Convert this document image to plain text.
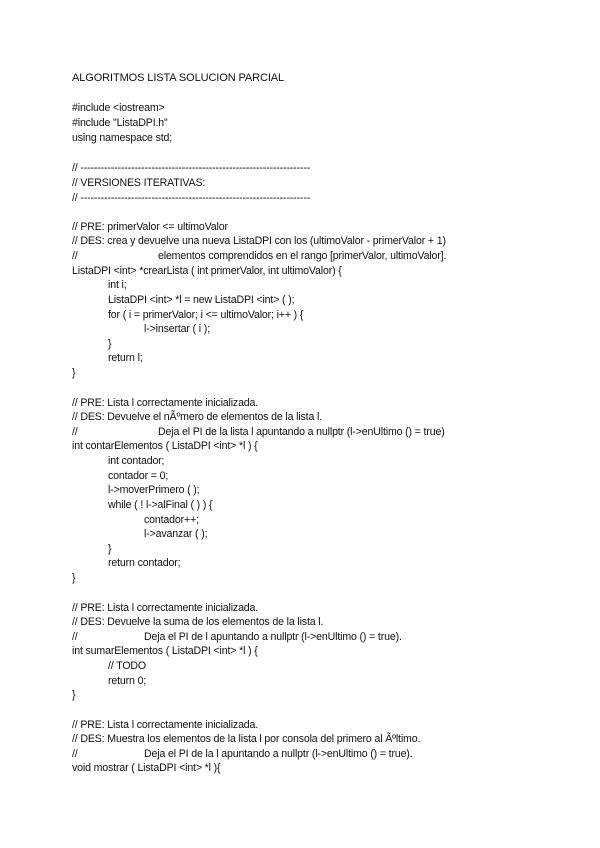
ALGORITMOS LISTA SOLUCION PARCIAL
#include <iostream>
#include "ListaDPI.h"
using namespace std;
// --------------------------------------------------------------------
// VERSIONES ITERATIVAS:
// --------------------------------------------------------------------
// PRE: primerValor <= ultimoValor
// DES: crea y devuelve una nueva ListaDPI con los (ultimoValor - primerValor + 1)
//	elementos comprendidos en el rango [primerValor, ultimoValor].
ListaDPI <int> *crearLista ( int primerValor, int ultimoValor) {
int i;
ListaDPI <int> *l = new ListaDPI <int> ( );
for ( i = primerValor; i <= ultimoValor; i++ ) {
l->insertar ( i );
}
return l;
}
// PRE: Lista l correctamente inicializada.
// DES: Devuelve el nÃºmero de elementos de la lista l.
//	Deja el PI de la lista l apuntando a nullptr (l->enUltimo () = true)
int contarElementos ( ListaDPI <int> *l ) {
int contador;
contador = 0;
l->moverPrimero ( );
while ( ! l->alFinal ( ) ) {
contador++;
l->avanzar ( );
}
return contador;
}
// PRE: Lista l correctamente inicializada.
// DES: Devuelve la suma de los elementos de la lista l.
//	Deja el PI de l apuntando a nullptr (l->enUltimo () = true).
int sumarElementos ( ListaDPI <int> *l ) {
// TODO
return 0;
}
// PRE: Lista l correctamente inicializada.
// DES: Muestra los elementos de la lista l por consola del primero al Ãºltimo.
//	Deja el PI de la l apuntando a nullptr (l->enUltimo () = true).
void mostrar ( ListaDPI <int> *l ){
